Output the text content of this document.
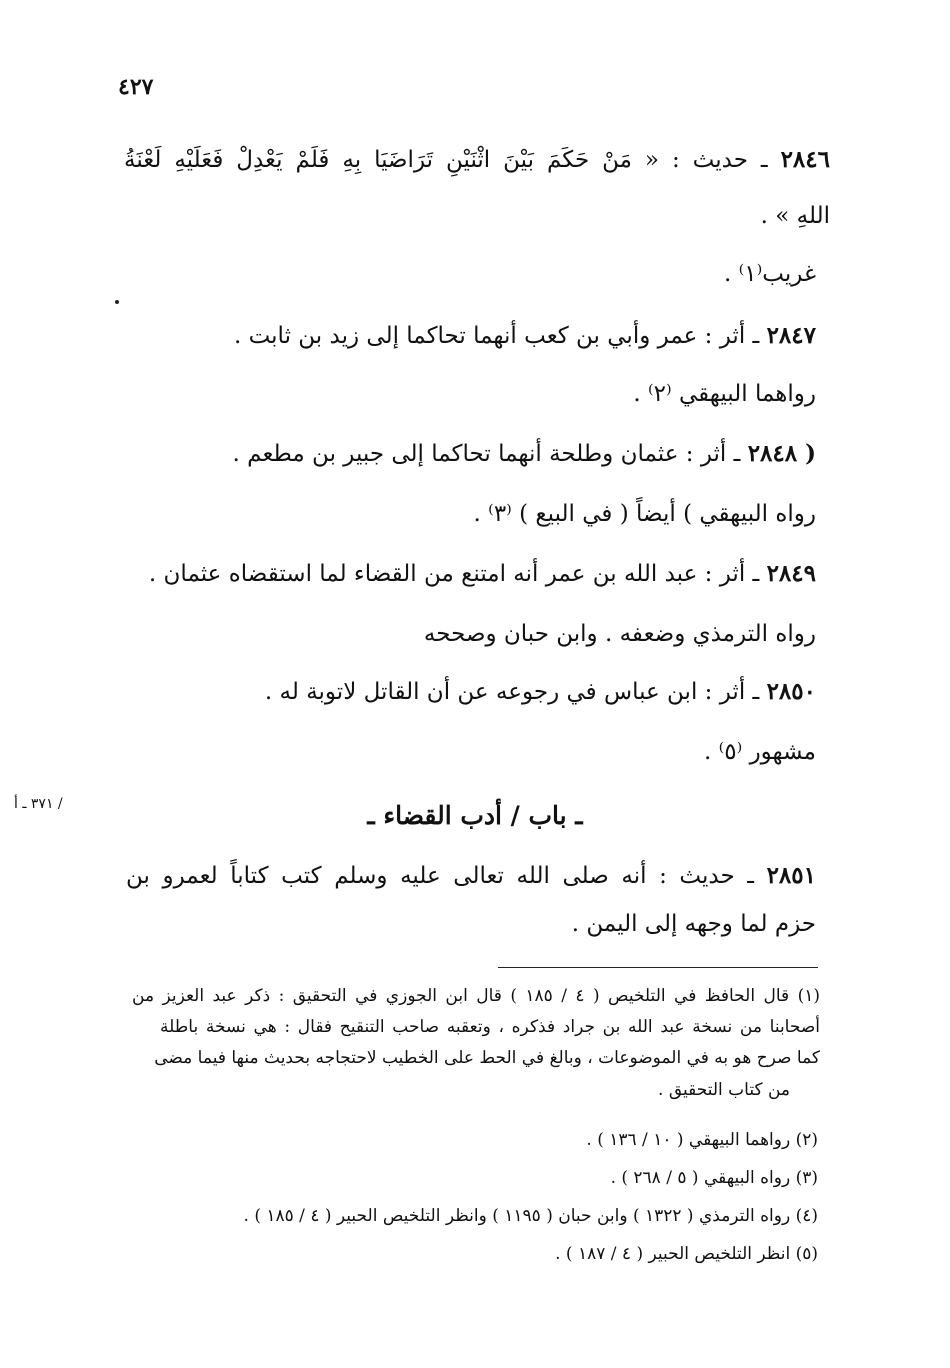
٤٢٧
/ ٣٧١ ـ أ
٢٨٤٦ ـ حديث : « مَنْ حَكَمَ بَيْنَ اثْنَيْنِ تَرَاضَيَا بِهِ فَلَمْ يَعْدِلْ فَعَلَيْهِ لَعْنَةُ
اللهِ » .
غريب⁽١⁾ .
٢٨٤٧ ـ أثر : عمر وأبي بن كعب أنهما تحاكما إلى زيد بن ثابت .
رواهما البيهقي ⁽٢⁾ .
( ٢٨٤٨ ـ أثر : عثمان وطلحة أنهما تحاكما إلى جبير بن مطعم .
رواه البيهقي ) أيضاً ( في البيع ) ⁽٣⁾ .
٢٨٤٩ ـ أثر : عبد الله بن عمر أنه امتنع من القضاء لما استقضاه عثمان .
رواه الترمذي وضعفه . وابن حبان وصححه
٢٨٥٠ ـ أثر : ابن عباس في رجوعه عن أن القاتل لاتوبة له .
مشهور ⁽٥⁾ .
ـ باب / أدب القضاء ـ
٢٨٥١ ـ حديث : أنه صلى الله تعالى عليه وسلم كتب كتاباً لعمرو بن
حزم لما وجهه إلى اليمن .
(١) قال الحافظ في التلخيص ( ٤ / ١٨٥ ) قال ابن الجوزي في التحقيق : ذكر عبد العزيز من
أصحابنا من نسخة عبد الله بن جراد فذكره ، وتعقبه صاحب التنقيح فقال : هي نسخة باطلة
كما صرح هو به في الموضوعات ، وبالغ في الحط على الخطيب لاحتجاجه بحديث منها فيما مضى
من كتاب التحقيق .
(٢) رواهما البيهقي ( ١٠ / ١٣٦ ) .
(٣) رواه البيهقي ( ٥ / ٢٦٨ ) .
(٤) رواه الترمذي ( ١٣٢٢ ) وابن حبان ( ١١٩٥ ) وانظر التلخيص الحبير ( ٤ / ١٨٥ ) .
(٥) انظر التلخيص الحبير ( ٤ / ١٨٧ ) .
